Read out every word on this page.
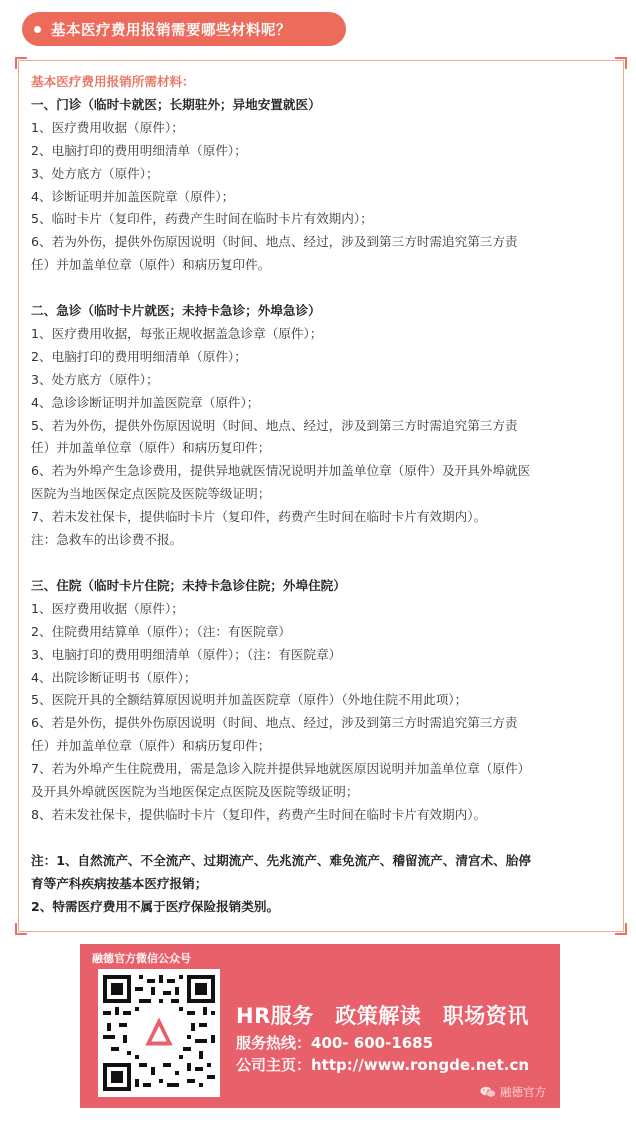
基本医疗费用报销需要哪些材料呢？
基本医疗费用报销所需材料：
一、门诊（临时卡就医；长期驻外；异地安置就医）
1、医疗费用收据（原件）；
2、电脑打印的费用明细清单（原件）；
3、处方底方（原件）；
4、诊断证明并加盖医院章（原件）；
5、临时卡片（复印件，药费产生时间在临时卡片有效期内）；
6、若为外伤，提供外伤原因说明（时间、地点、经过，涉及到第三方时需追究第三方责
任）并加盖单位章（原件）和病历复印件。
二、急诊（临时卡片就医；未持卡急诊；外埠急诊）
1、医疗费用收据，每张正规收据盖急诊章（原件）；
2、电脑打印的费用明细清单（原件）；
3、处方底方（原件）；
4、急诊诊断证明并加盖医院章（原件）；
5、若为外伤，提供外伤原因说明（时间、地点、经过，涉及到第三方时需追究第三方责
任）并加盖单位章（原件）和病历复印件；
6、若为外埠产生急诊费用，提供异地就医情况说明并加盖单位章（原件）及开具外埠就医
医院为当地医保定点医院及医院等级证明；
7、若未发社保卡，提供临时卡片（复印件，药费产生时间在临时卡片有效期内）。
注：急救车的出诊费不报。
三、住院（临时卡片住院；未持卡急诊住院；外埠住院）
1、医疗费用收据（原件）；
2、住院费用结算单（原件）；（注：有医院章）
3、电脑打印的费用明细清单（原件）；（注：有医院章）
4、出院诊断证明书（原件）；
5、医院开具的全额结算原因说明并加盖医院章（原件）（外地住院不用此项）；
6、若是外伤，提供外伤原因说明（时间、地点、经过，涉及到第三方时需追究第三方责
任）并加盖单位章（原件）和病历复印件；
7、若为外埠产生住院费用，需是急诊入院并提供异地就医原因说明并加盖单位章（原件）
及开具外埠就医医院为当地医保定点医院及医院等级证明；
8、若未发社保卡，提供临时卡片（复印件，药费产生时间在临时卡片有效期内）。
注：1、自然流产、不全流产、过期流产、先兆流产、难免流产、稽留流产、清宫术、胎停
育等产科疾病按基本医疗报销；
2、特需医疗费用不属于医疗保险报销类别。
融德官方微信公众号
HR服务　政策解读　职场资讯
服务热线：400- 600-1685
公司主页：http://www.rongde.net.cn
融德官方
